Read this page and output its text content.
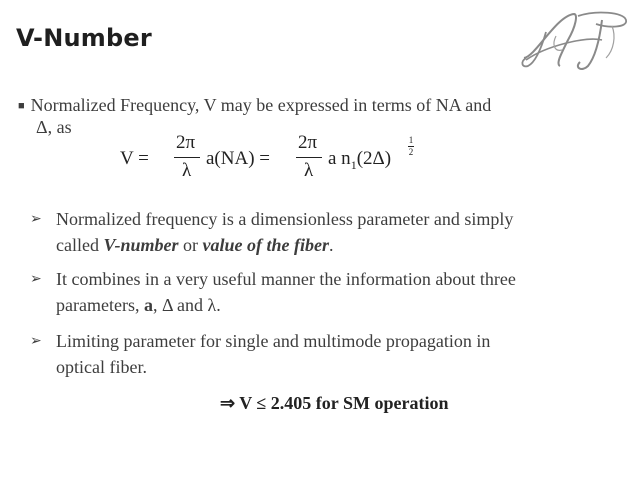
V-Number
AT
■ Normalized Frequency, V may be expressed in terms of NA and
Δ, as
V =
2π
λ
a(NA) =
2π
λ
a $n_1(2\Delta)$
1
2
➢ Normalized frequency is a dimensionless parameter and simply
called V-number or value of the fiber.
➢ It combines in a very useful manner the information about three
parameters, a, Δ and λ.
➢ Limiting parameter for single and multimode propagation in
optical fiber.
⇒ V ≤ 2.405 for SM operation
